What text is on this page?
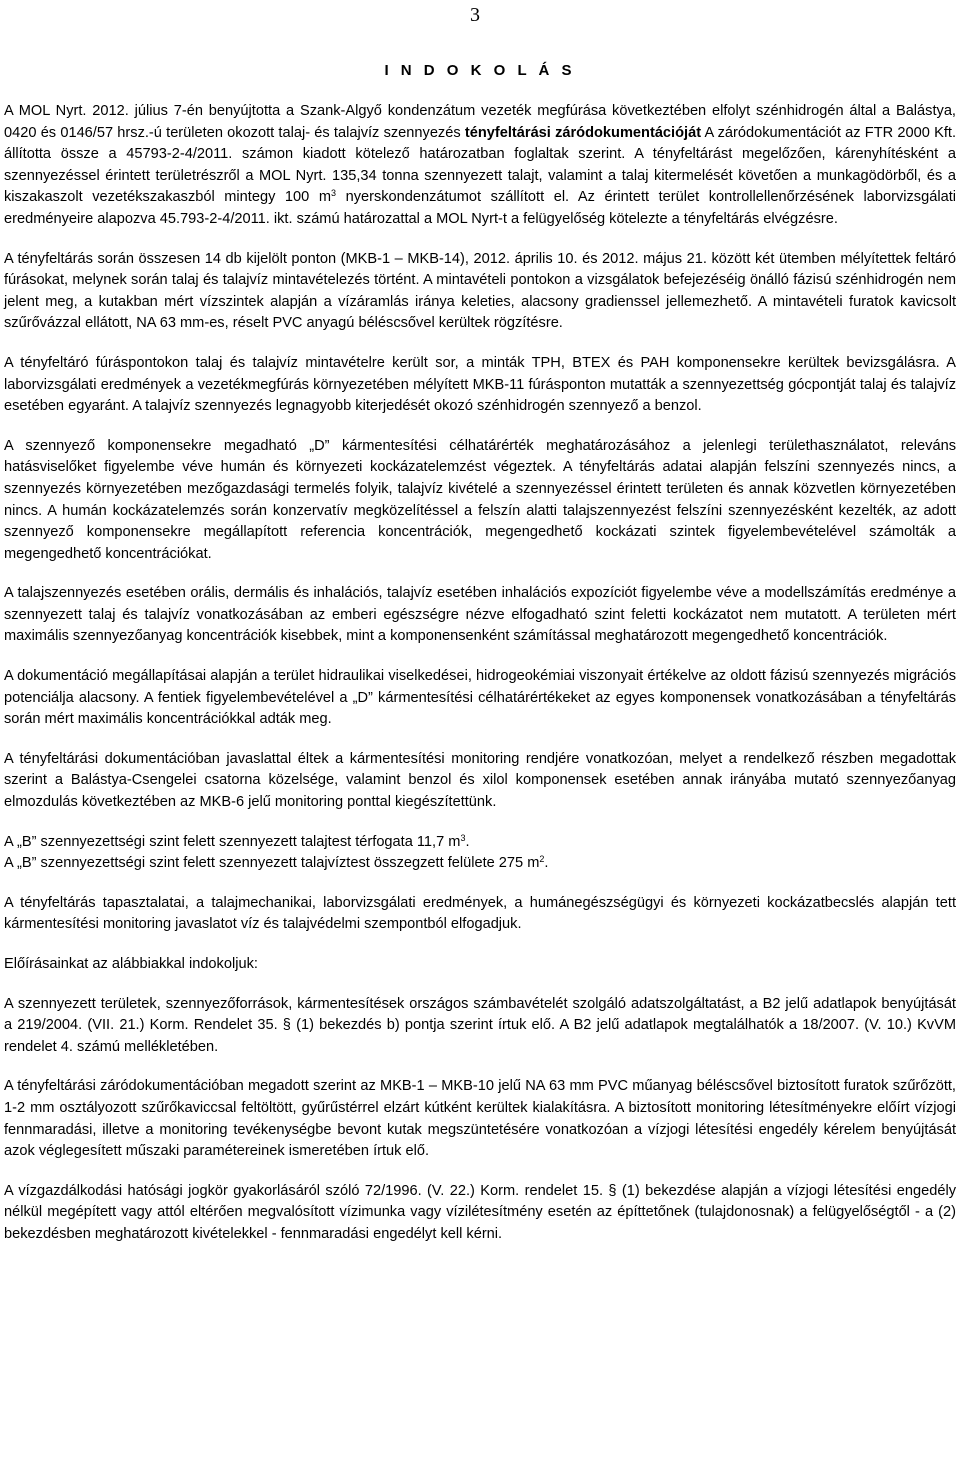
3
I N D O K O L Á S

A MOL Nyrt. 2012. július 7-én benyújtotta a Szank-Algyő kondenzátum vezeték megfúrása következtében elfolyt szénhidrogén által a Balástya, 0420 és 0146/57 hrsz.-ú területen okozott talaj- és talajvíz szennyezés tényfeltárási záródokumentációját A záródokumentációt az FTR 2000 Kft. állította össze a 45793-2-4/2011. számon kiadott kötelező határozatban foglaltak szerint. A tényfeltárást megelőzően, kárenyhítésként a szennyezéssel érintett területrészről a MOL Nyrt. 135,34 tonna szennyezett talajt, valamint a talaj kitermelését követően a munkagödörből, és a kiszakaszolt vezetékszakaszból mintegy 100 $m^3$ nyerskondenzátumot szállított el. Az érintett terület kontrollellenőrzésének laborvizsgálati eredményeire alapozva 45.793-2-4/2011. ikt. számú határozattal a MOL Nyrt-t a felügyelőség kötelezte a tényfeltárás elvégzésre.

A tényfeltárás során összesen 14 db kijelölt ponton (MKB-1 – MKB-14), 2012. április 10. és 2012. május 21. között két ütemben mélyítettek feltáró fúrásokat, melynek során talaj és talajvíz mintavételezés történt. A mintavételi pontokon a vizsgálatok befejezéséig önálló fázisú szénhidrogén nem jelent meg, a kutakban mért vízszintek alapján a vízáramlás iránya keleties, alacsony gradienssel jellemezhető. A mintavételi furatok kavicsolt szűrővázzal ellátott, NA 63 mm-es, réselt PVC anyagú béléscsővel kerültek rögzítésre.

A tényfeltáró fúráspontokon talaj és talajvíz mintavételre került sor, a minták TPH, BTEX és PAH komponensekre kerültek bevizsgálásra. A laborvizsgálati eredmények a vezetékmegfúrás környezetében mélyített MKB-11 fúrásponton mutatták a szennyezettség gócpontját talaj és talajvíz esetében egyaránt. A talajvíz szennyezés legnagyobb kiterjedését okozó szénhidrogén szennyező a benzol.

A szennyező komponensekre megadható „D” kármentesítési célhatárérték meghatározásához a jelenlegi területhasználatot, releváns hatásviselőket figyelembe véve humán és környezeti kockázatelemzést végeztek. A tényfeltárás adatai alapján felszíni szennyezés nincs, a szennyezés környezetében mezőgazdasági termelés folyik, talajvíz kivételé a szennyezéssel érintett területen és annak közvetlen környezetében nincs. A humán kockázatelemzés során konzervatív megközelítéssel a felszín alatti talajszennyezést felszíni szennyezésként kezelték, az adott szennyező komponensekre megállapított referencia koncentrációk, megengedhető kockázati szintek figyelembevételével számolták a megengedhető koncentrációkat.

A talajszennyezés esetében orális, dermális és inhalációs, talajvíz esetében inhalációs expozíciót figyelembe véve a modellszámítás eredménye a szennyezett talaj és talajvíz vonatkozásában az emberi egészségre nézve elfogadható szint feletti kockázatot nem mutatott. A területen mért maximális szennyezőanyag koncentrációk kisebbek, mint a komponensenként számítással meghatározott megengedhető koncentrációk.

A dokumentáció megállapításai alapján a terület hidraulikai viselkedései, hidrogeokémiai viszonyait értékelve az oldott fázisú szennyezés migrációs potenciálja alacsony. A fentiek figyelembevételével a „D” kármentesítési célhatárértékeket az egyes komponensek vonatkozásában a tényfeltárás során mért maximális koncentrációkkal adták meg.

A tényfeltárási dokumentációban javaslattal éltek a kármentesítési monitoring rendjére vonatkozóan, melyet a rendelkező részben megadottak szerint a Balástya-Csengelei csatorna közelsége, valamint benzol és xilol komponensek esetében annak irányába mutató szennyezőanyag elmozdulás következtében az MKB-6 jelű monitoring ponttal kiegészítettünk.

A „B” szennyezettségi szint felett szennyezett talajtest térfogata 11,7 $m^3$.

A „B” szennyezettségi szint felett szennyezett talajvíztest összegzett felülete 275 $m^2$.

A tényfeltárás tapasztalatai, a talajmechanikai, laborvizsgálati eredmények, a humánegészségügyi és környezeti kockázatbecslés alapján tett kármentesítési monitoring javaslatot víz és talajvédelmi szempontból elfogadjuk.

Előírásainkat az alábbiakkal indokoljuk:

A szennyezett területek, szennyezőforrások, kármentesítések országos számbavételét szolgáló adatszolgáltatást, a B2 jelű adatlapok benyújtását a 219/2004. (VII. 21.) Korm. Rendelet 35. § (1) bekezdés b) pontja szerint írtuk elő. A B2 jelű adatlapok megtalálhatók a 18/2007. (V. 10.) KvVM rendelet 4. számú mellékletében.

A tényfeltárási záródokumentációban megadott szerint az MKB-1 – MKB-10 jelű NA 63 mm PVC műanyag béléscsővel biztosított furatok szűrőzött, 1-2 mm osztályozott szűrőkaviccsal feltöltött, gyűrűstérrel elzárt kútként kerültek kialakításra. A biztosított monitoring létesítményekre előírt vízjogi fennmaradási, illetve a monitoring tevékenységbe bevont kutak megszüntetésére vonatkozóan a vízjogi létesítési engedély kérelem benyújtását azok véglegesített műszaki paramétereinek ismeretében írtuk elő.

A vízgazdálkodási hatósági jogkör gyakorlásáról szóló 72/1996. (V. 22.) Korm. rendelet 15. § (1) bekezdése alapján a vízjogi létesítési engedély nélkül megépített vagy attól eltérően megvalósított vízimunka vagy vízilétesítmény esetén az építtetőnek (tulajdonosnak) a felügyelőségtől - a (2) bekezdésben meghatározott kivételekkel - fennmaradási engedélyt kell kérni.
